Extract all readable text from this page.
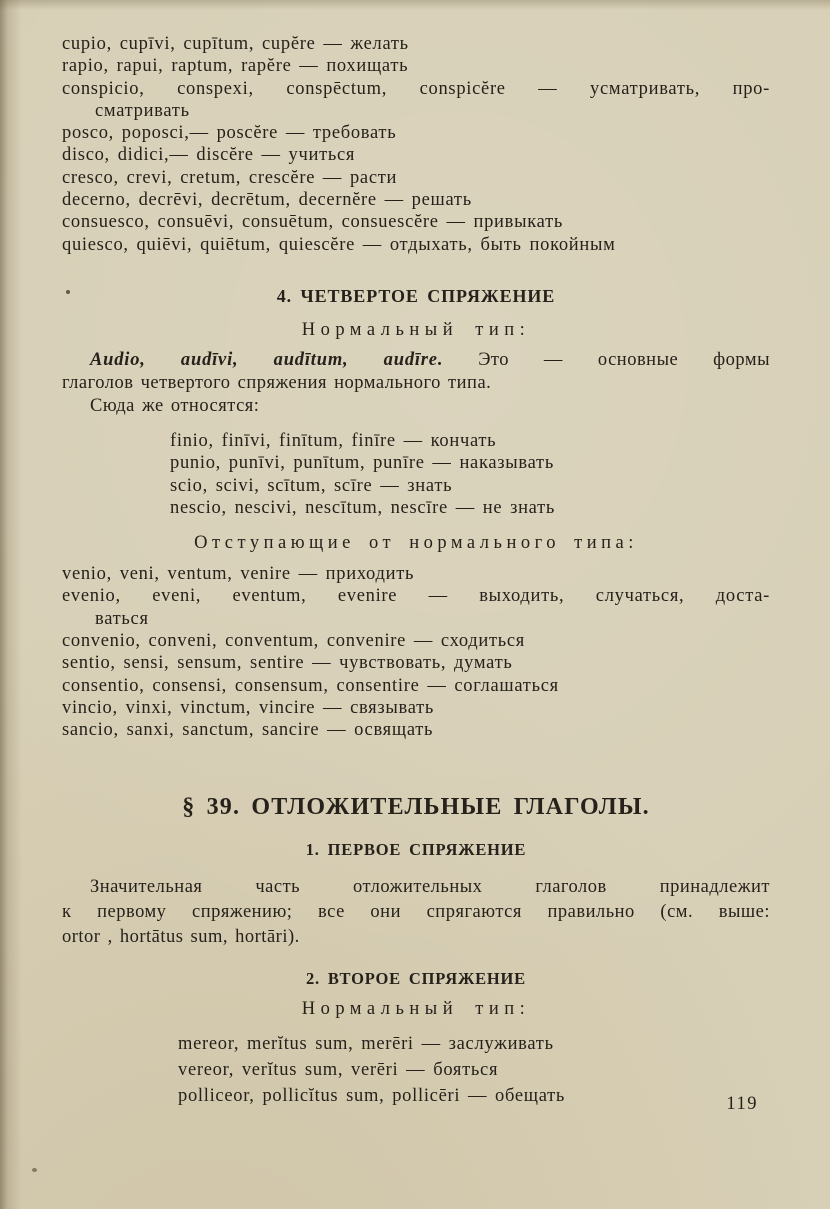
cupio, cupīvi, cupītum, cupĕre — желать
rapio, rapui, raptum, rapĕre — похищать
conspicio, conspexi, conspēctum, conspicĕre — усматривать, про-
сматривать
posco, poposci,— poscĕre — требовать
disco, didici,— discĕre — учиться
cresco, crevi, cretum, crescĕre — расти
decerno, decrēvi, decrētum, decernĕre — решать
consuesco, consuēvi, consuētum, consuescĕre — привыкать
quiesco, quiēvi, quiētum, quiescĕre — отдыхать, быть покойным
4. ЧЕТВЕРТОЕ СПРЯЖЕНИЕ
Нормальный тип:
Audio, audīvi, audītum, audīre. Это — основные формы
глаголов четвертого спряжения нормального типа.
Сюда же относятся:
finio, finīvi, finītum, finīre — кончать
punio, punīvi, punītum, punīre — наказывать
scio, scivi, scītum, scīre — знать
nescio, nescivi, nescītum, nescīre — не знать
Отступающие от нормального типа:
venio, veni, ventum, venire — приходить
evenio, eveni, eventum, evenire — выходить, случаться, доста-
ваться
convenio, conveni, conventum, convenire — сходиться
sentio, sensi, sensum, sentire — чувствовать, думать
consentio, consensi, consensum, consentire — соглашаться
vincio, vinxi, vinctum, vincire — связывать
sancio, sanxi, sanctum, sancire — освящать
§ 39. ОТЛОЖИТЕЛЬНЫЕ ГЛАГОЛЫ.
1. ПЕРВОЕ СПРЯЖЕНИЕ
Значительная часть отложительных глаголов принадлежит
к первому спряжению; все они спрягаются правильно (см. выше:
ortor , hortātus sum, hortāri).
2. ВТОРОЕ СПРЯЖЕНИЕ
Нормальный тип:
mereor, merĭtus sum, merēri — заслуживать
vereor, verĭtus sum, verēri — бояться
polliceor, pollicĭtus sum, pollicēri — обещать	119
